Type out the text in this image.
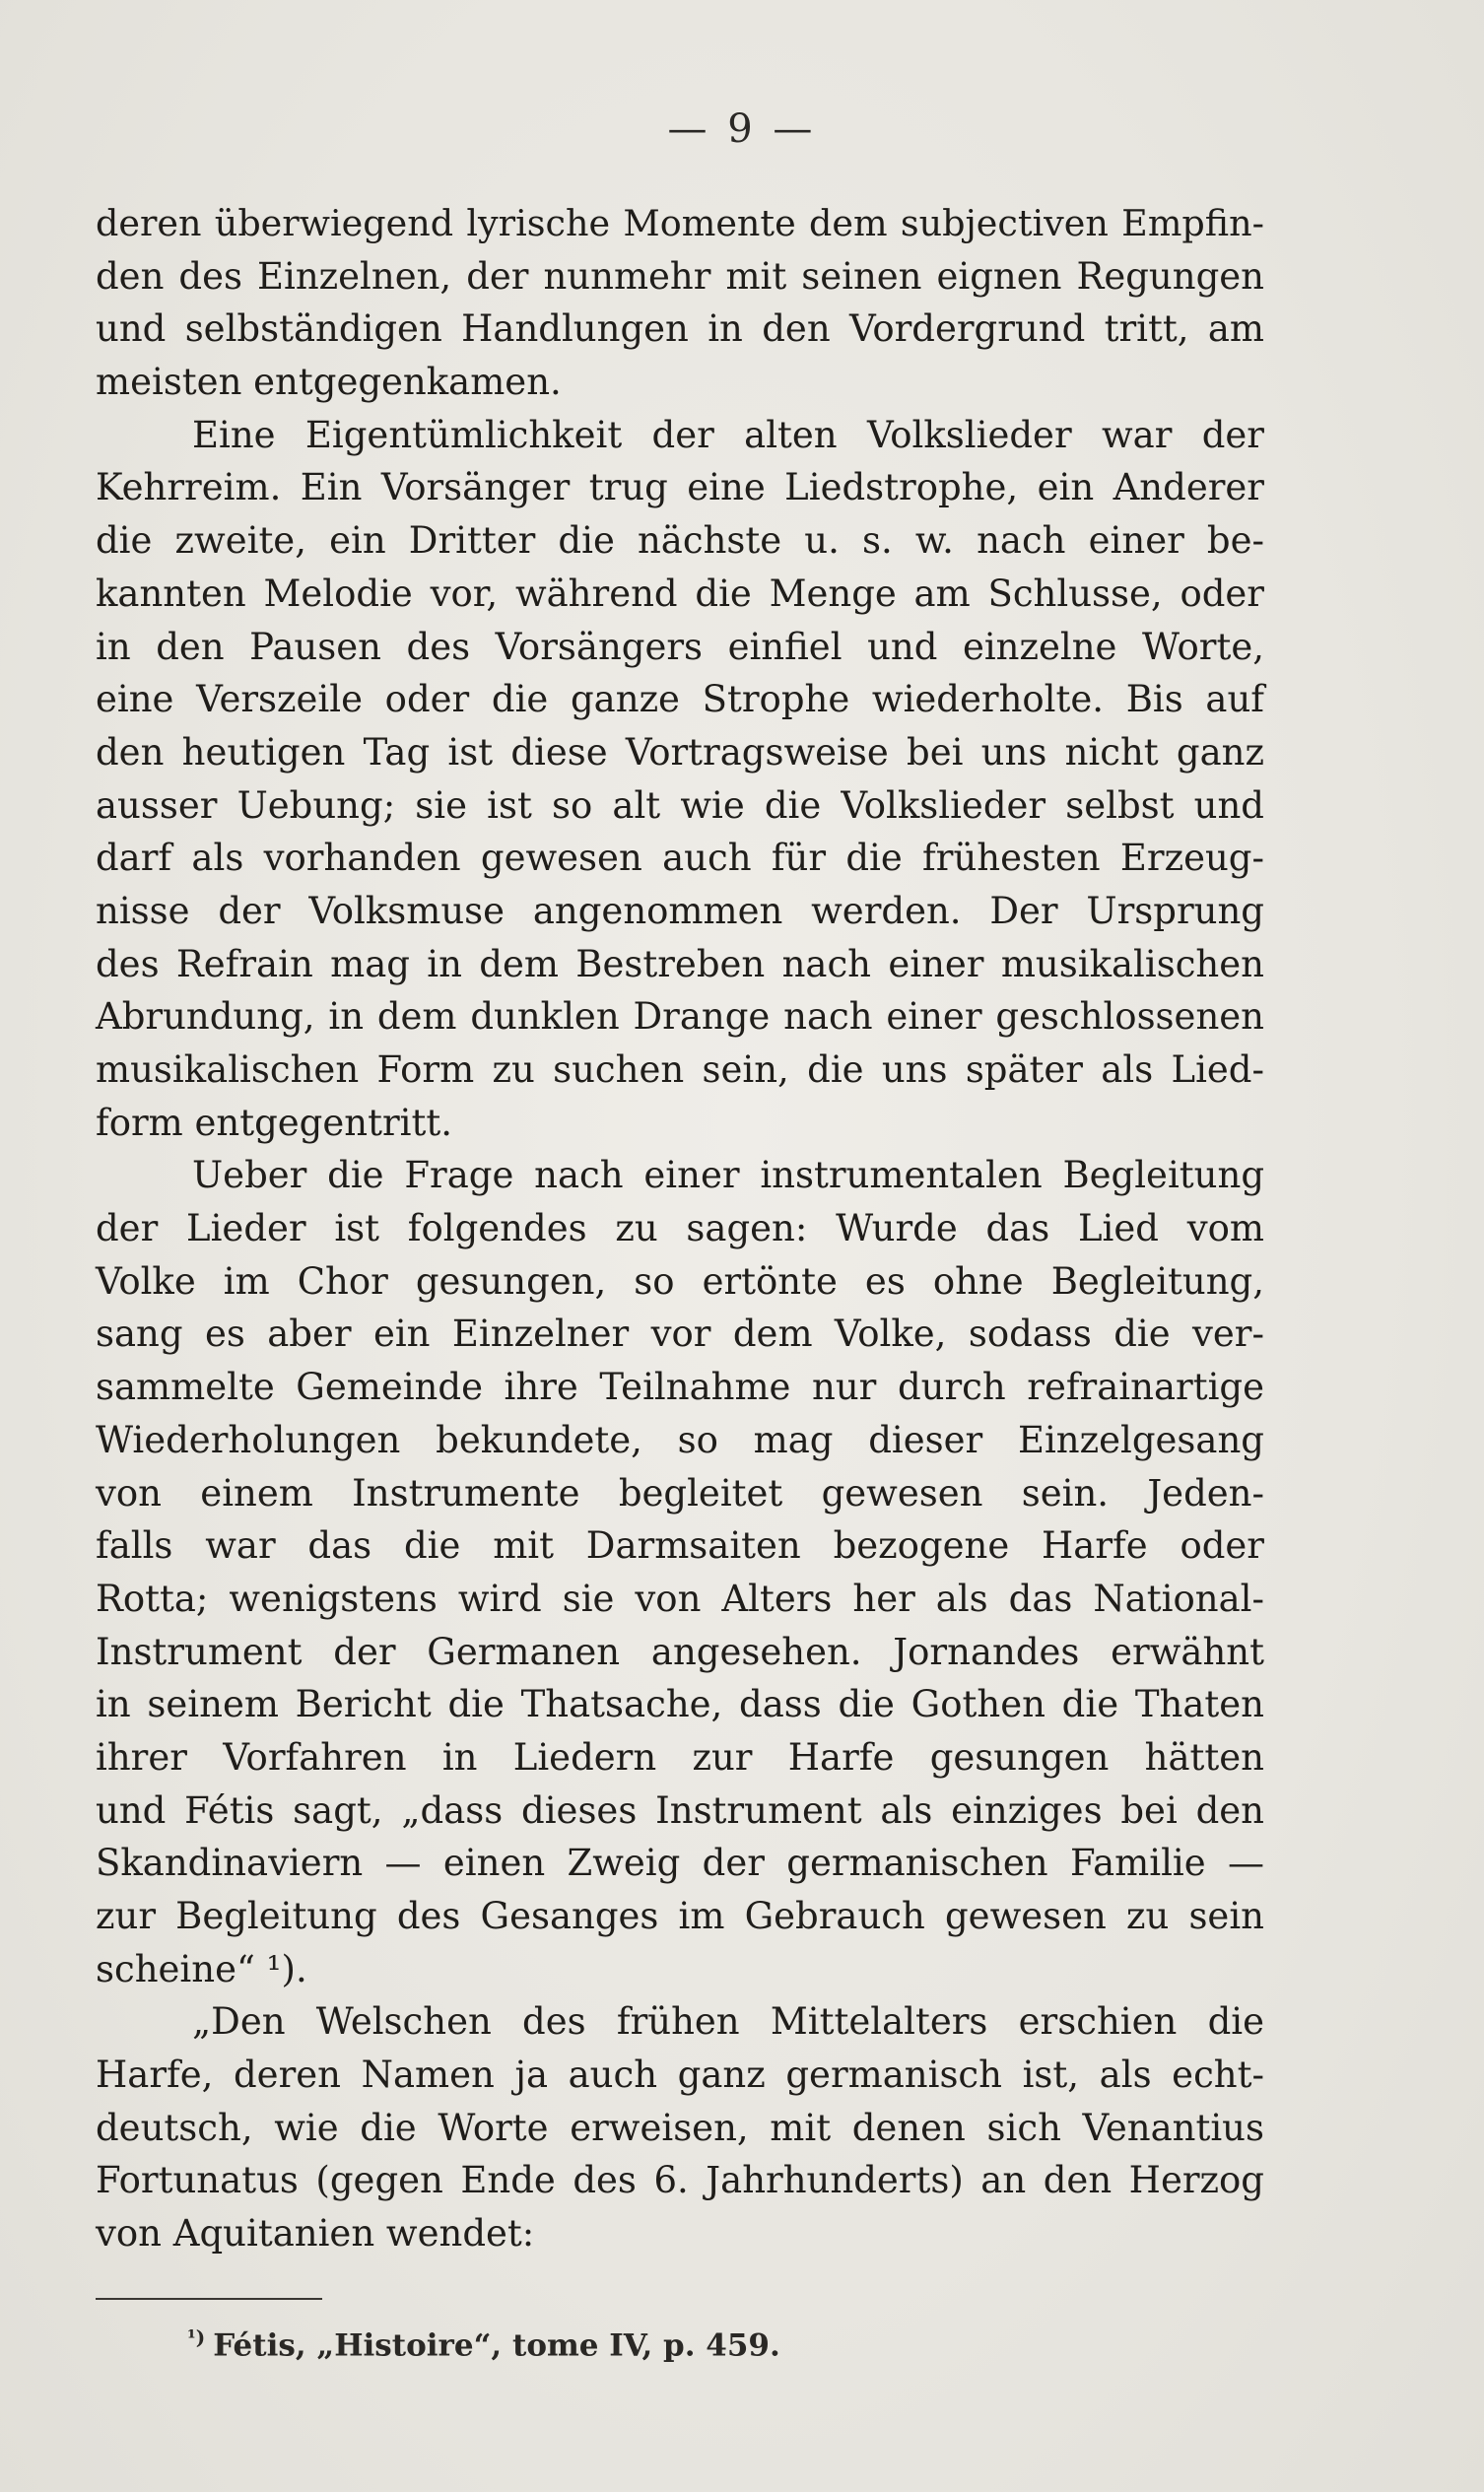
— 9 —
deren überwiegend lyrische Momente dem subjectiven Empfin-
den des Einzelnen, der nunmehr mit seinen eignen Regungen
und selbständigen Handlungen in den Vordergrund tritt, am
meisten entgegenkamen.
Eine Eigentümlichkeit der alten Volkslieder war der
Kehrreim. Ein Vorsänger trug eine Liedstrophe, ein Anderer
die zweite, ein Dritter die nächste u. s. w. nach einer be-
kannten Melodie vor, während die Menge am Schlusse, oder
in den Pausen des Vorsängers einfiel und einzelne Worte,
eine Verszeile oder die ganze Strophe wiederholte. Bis auf
den heutigen Tag ist diese Vortragsweise bei uns nicht ganz
ausser Uebung; sie ist so alt wie die Volkslieder selbst und
darf als vorhanden gewesen auch für die frühesten Erzeug-
nisse der Volksmuse angenommen werden. Der Ursprung
des Refrain mag in dem Bestreben nach einer musikalischen
Abrundung, in dem dunklen Drange nach einer geschlossenen
musikalischen Form zu suchen sein, die uns später als Lied-
form entgegentritt.
Ueber die Frage nach einer instrumentalen Begleitung
der Lieder ist folgendes zu sagen: Wurde das Lied vom
Volke im Chor gesungen, so ertönte es ohne Begleitung,
sang es aber ein Einzelner vor dem Volke, sodass die ver-
sammelte Gemeinde ihre Teilnahme nur durch refrainartige
Wiederholungen bekundete, so mag dieser Einzelgesang
von einem Instrumente begleitet gewesen sein. Jeden-
falls war das die mit Darmsaiten bezogene Harfe oder
Rotta; wenigstens wird sie von Alters her als das National-
Instrument der Germanen angesehen. Jornandes erwähnt
in seinem Bericht die Thatsache, dass die Gothen die Thaten
ihrer Vorfahren in Liedern zur Harfe gesungen hätten
und Fétis sagt, „dass dieses Instrument als einziges bei den
Skandinaviern — einen Zweig der germanischen Familie —
zur Begleitung des Gesanges im Gebrauch gewesen zu sein
scheine“ ¹).
„Den Welschen des frühen Mittelalters erschien die
Harfe, deren Namen ja auch ganz germanisch ist, als echt-
deutsch, wie die Worte erweisen, mit denen sich Venantius
Fortunatus (gegen Ende des 6. Jahrhunderts) an den Herzog
von Aquitanien wendet:
$^{^1)}$ Fétis, „Histoire“, tome IV, p. 459.
